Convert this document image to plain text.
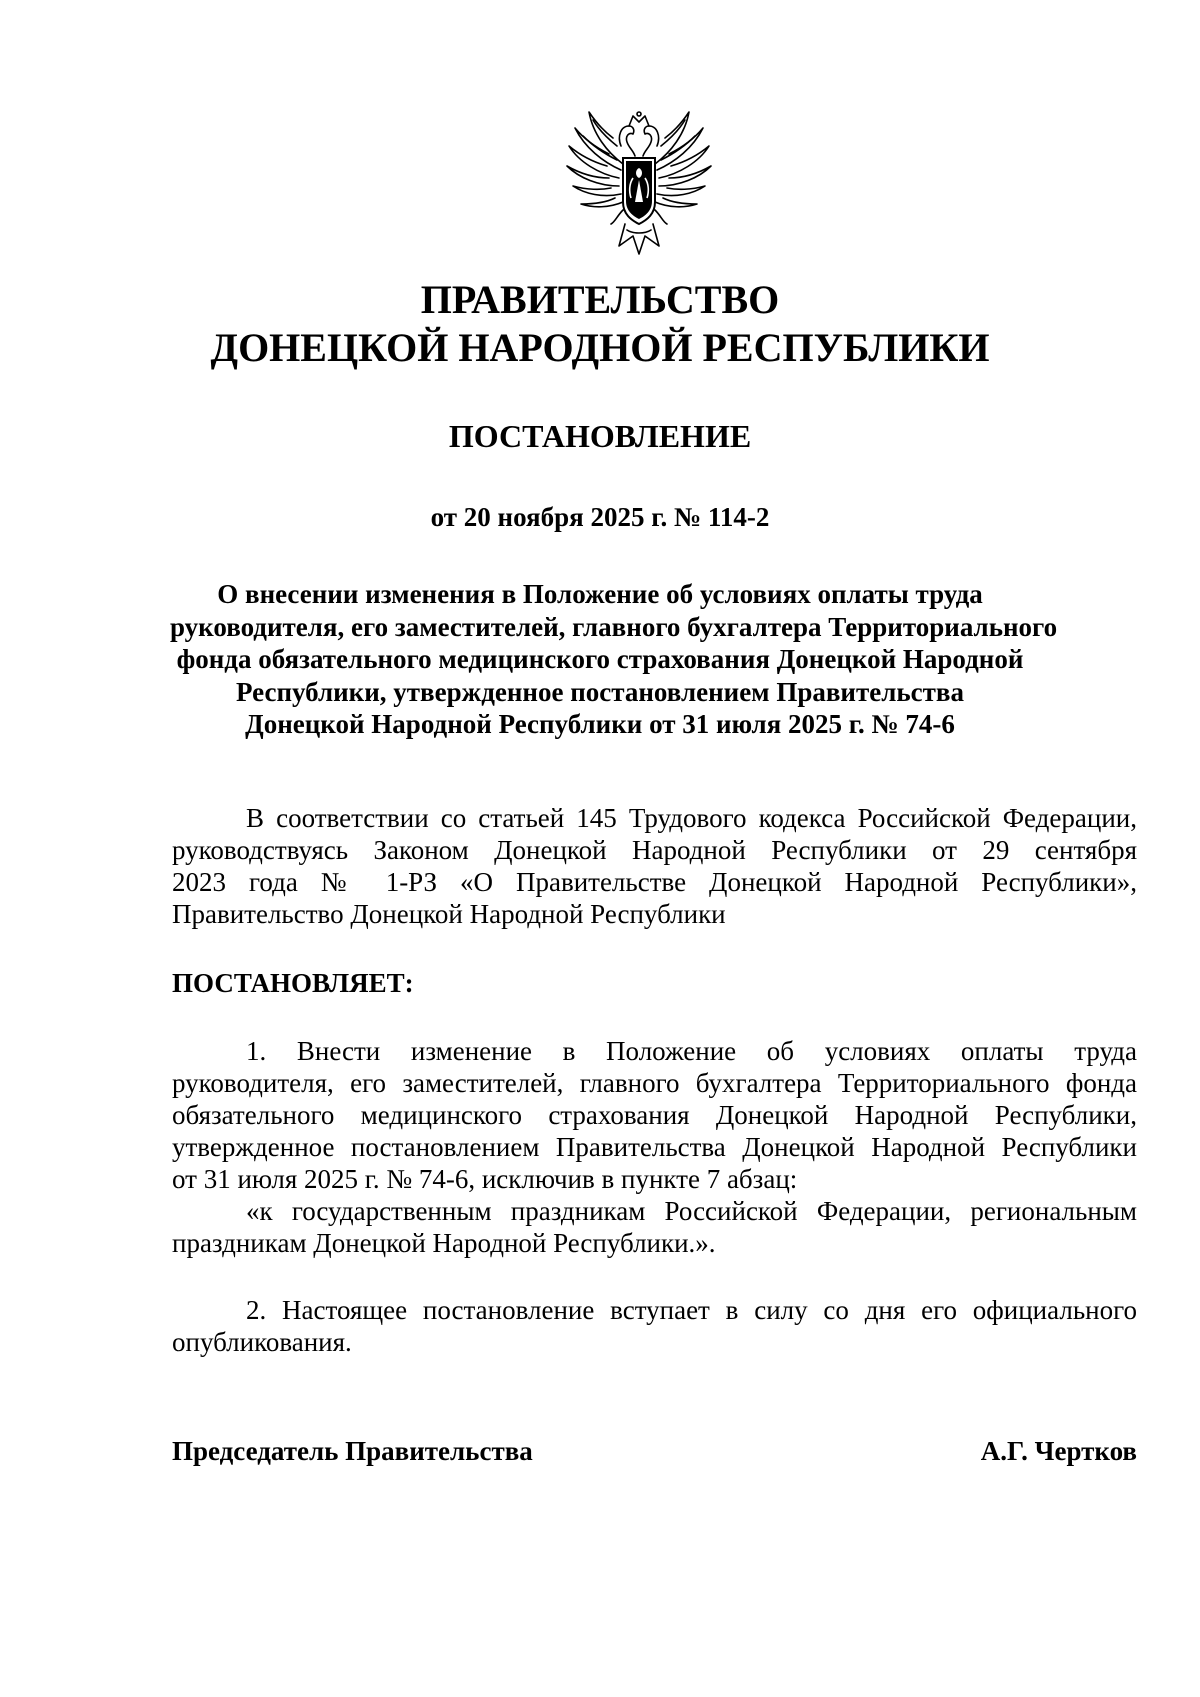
ПРАВИТЕЛЬСТВО
ДОНЕЦКОЙ НАРОДНОЙ РЕСПУБЛИКИ
ПОСТАНОВЛЕНИЕ
от 20 ноября 2025 г. № 114-2
О внесении изменения в Положение об условиях оплаты труда
руководителя, его заместителей, главного бухгалтера Территориального
фонда обязательного медицинского страхования Донецкой Народной
Республики, утвержденное постановлением Правительства
Донецкой Народной Республики от 31 июля 2025 г. № 74-6
В соответствии со статьей 145 Трудового кодекса Российской Федерации,
руководствуясь Законом Донецкой Народной Республики от 29 сентября
2023 года № 1-РЗ «О Правительстве Донецкой Народной Республики»,
Правительство Донецкой Народной Республики
ПОСТАНОВЛЯЕТ:
1. Внести изменение в Положение об условиях оплаты труда
руководителя, его заместителей, главного бухгалтера Территориального фонда
обязательного медицинского страхования Донецкой Народной Республики,
утвержденное постановлением Правительства Донецкой Народной Республики
от 31 июля 2025 г. № 74-6, исключив в пункте 7 абзац:
«к государственным праздникам Российской Федерации, региональным
праздникам Донецкой Народной Республики.».
2. Настоящее постановление вступает в силу со дня его официального
опубликования.
Председатель Правительства	А.Г. Чертков
